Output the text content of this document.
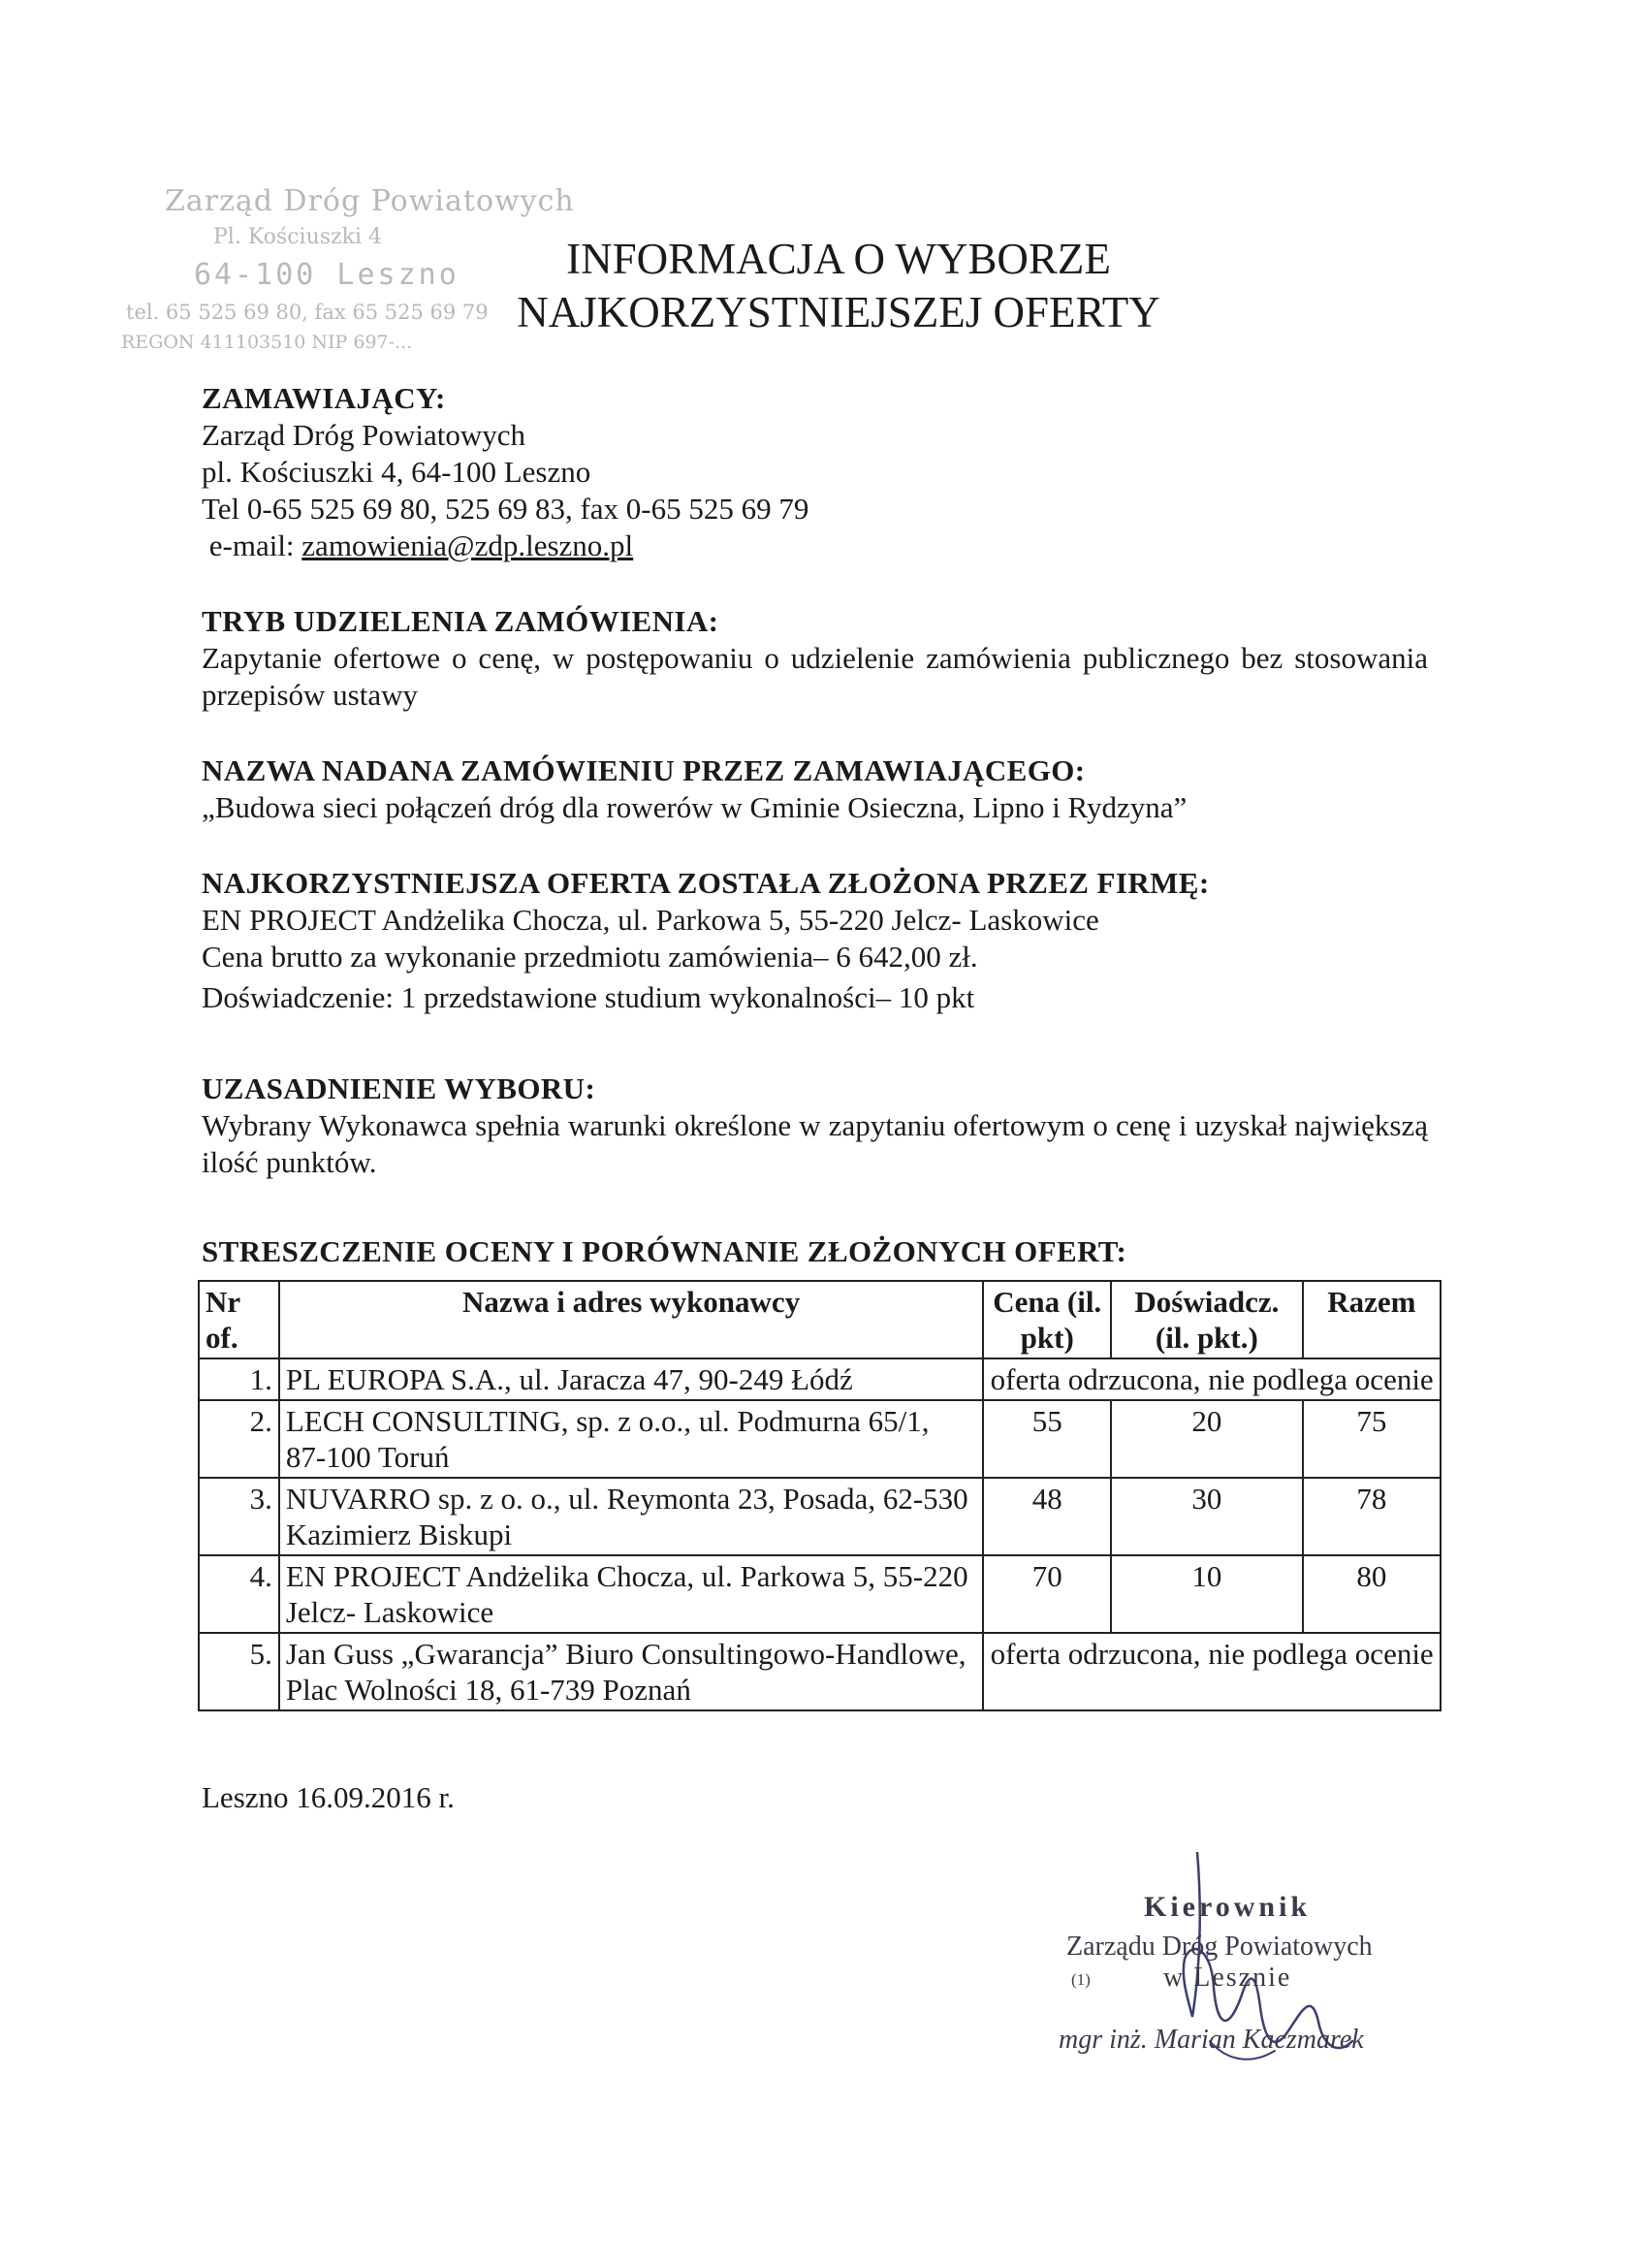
Zarząd Dróg Powiatowych
Pl. Kościuszki 4
64-100 Leszno
tel. 65 525 69 80, fax 65 525 69 79
REGON 411103510 NIP 697-...
INFORMACJA O WYBORZE
NAJKORZYSTNIEJSZEJ OFERTY
ZAMAWIAJĄCY:
Zarząd Dróg Powiatowych
pl. Kościuszki 4, 64-100 Leszno
Tel 0-65 525 69 80, 525 69 83, fax 0-65 525 69 79
e-mail: zamowienia@zdp.leszno.pl
TRYB UDZIELENIA ZAMÓWIENIA:
Zapytanie ofertowe o cenę, w postępowaniu o udzielenie zamówienia publicznego bez stosowania przepisów ustawy
NAZWA NADANA ZAMÓWIENIU PRZEZ ZAMAWIAJĄCEGO:
„Budowa sieci połączeń dróg dla rowerów w Gminie Osieczna, Lipno i Rydzyna”
NAJKORZYSTNIEJSZA OFERTA ZOSTAŁA ZŁOŻONA PRZEZ FIRMĘ:
EN PROJECT Andżelika Chocza, ul. Parkowa 5, 55-220 Jelcz- Laskowice
Cena brutto za wykonanie przedmiotu zamówienia– 6 642,00 zł.
Doświadczenie: 1 przedstawione studium wykonalności– 10 pkt
UZASADNIENIE WYBORU:
Wybrany Wykonawca spełnia warunki określone w zapytaniu ofertowym o cenę i uzyskał największą ilość punktów.
STRESZCZENIE OCENY I PORÓWNANIE ZŁOŻONYCH OFERT:
Nr of.	Nazwa i adres wykonawcy	Cena (il. pkt)	Doświadcz. (il. pkt.)	Razem
1.	PL EUROPA S.A., ul. Jaracza 47, 90-249 Łódź	oferta odrzucona, nie podlega ocenie		
2.	LECH CONSULTING, sp. z o.o., ul. Podmurna 65/1, 87-100 Toruń	55	20	75
3.	NUVARRO sp. z o. o., ul. Reymonta 23, Posada, 62-530 Kazimierz Biskupi	48	30	78
4.	EN PROJECT Andżelika Chocza, ul. Parkowa 5, 55-220 Jelcz- Laskowice	70	10	80
5.	Jan Guss „Gwarancja” Biuro Consultingowo-Handlowe, Plac Wolności 18, 61-739 Poznań	oferta odrzucona, nie podlega ocenie		
Leszno 16.09.2016 r.
Kierownik
Zarządu Dróg Powiatowych
(1)	w Lesznie
mgr inż. Marian Kaczmarek
